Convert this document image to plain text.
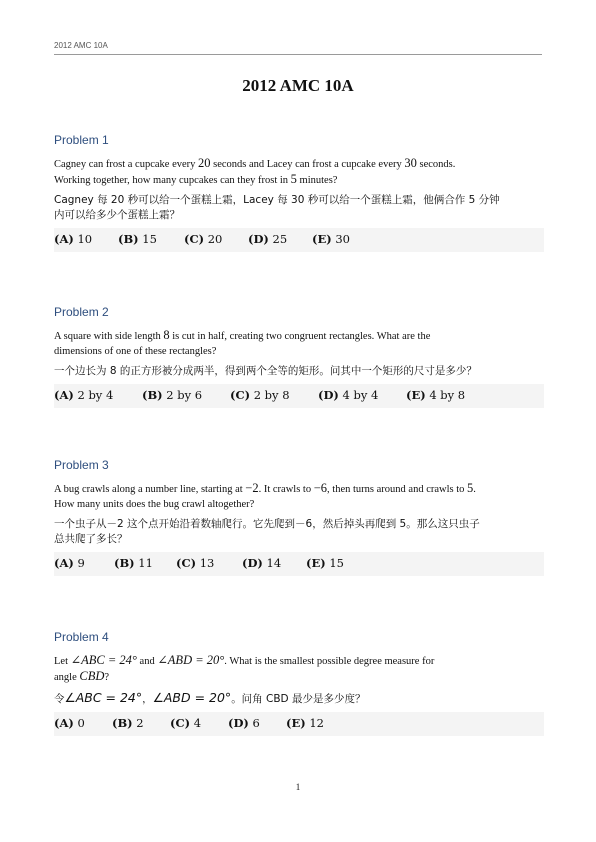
2012 AMC 10A
2012 AMC 10A
Problem 1
Cagney can frost a cupcake every 20 seconds and Lacey can frost a cupcake every 30 seconds.
Working together, how many cupcakes can they frost in 5 minutes?
Cagney 每 20 秒可以给一个蛋糕上霜，Lacey 每 30 秒可以给一个蛋糕上霜，他俩合作 5 分钟
内可以给多少个蛋糕上霜？
(A) 10 (B) 15 (C) 20 (D) 25 (E) 30
Problem 2
A square with side length 8 is cut in half, creating two congruent rectangles. What are the
dimensions of one of these rectangles?
一个边长为 8 的正方形被分成两半，得到两个全等的矩形。问其中一个矩形的尺寸是多少？
(A) 2 by 4 (B) 2 by 6 (C) 2 by 8 (D) 4 by 4 (E) 4 by 8
Problem 3
A bug crawls along a number line, starting at −2. It crawls to −6, then turns around and crawls to 5.
How many units does the bug crawl altogether?
一个虫子从－2 这个点开始沿着数轴爬行。它先爬到－6，然后掉头再爬到 5。那么这只虫子
总共爬了多长？
(A) 9	(B) 11 (C) 13 (D) 14 (E) 15
Problem 4
Let ∠ABC = 24° and ∠ABD = 20°. What is the smallest possible degree measure for
angle CBD?
令∠ABC = 24°，∠ABD = 20°。问角 CBD 最少是多少度？
(A) 0 (B) 2 (C) 4 (D) 6 (E) 12
1
